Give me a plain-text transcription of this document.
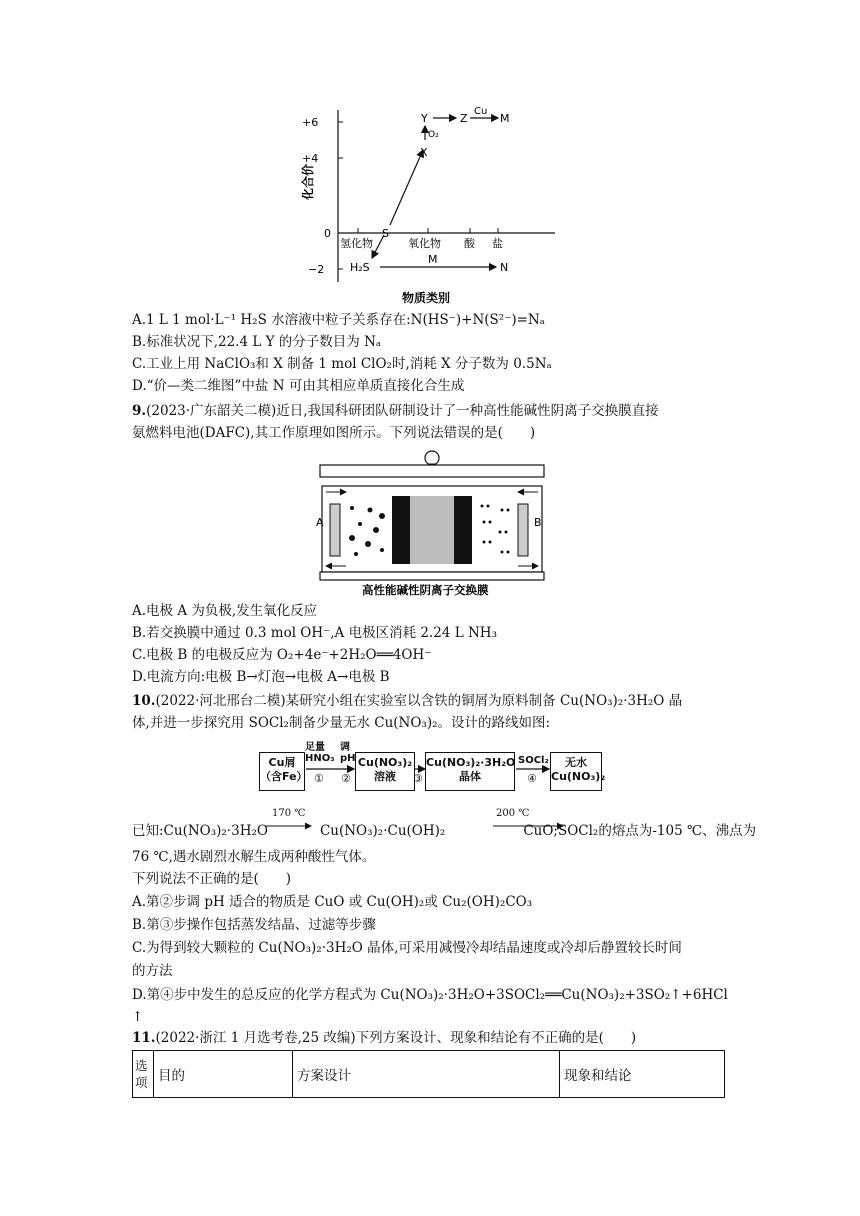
+6
+4
0
−2
化合价
氢化物	氧化物 酸 盐
Y	Z	M
X
S
H₂S	N
M
Cu
O₂
物质类别
A.1 L 1 mol·L⁻¹ H₂S 水溶液中粒子关系存在:N(HS⁻)+N(S²⁻)=Nₐ
B.标准状况下,22.4 L Y 的分子数目为 Nₐ
C.工业上用 NaClO₃和 X 制备 1 mol ClO₂时,消耗 X 分子数为 0.5Nₐ
D.“价—类二维图”中盐 N 可由其相应单质直接化合生成
9.(2023·广东韶关二模)近日,我国科研团队研制设计了一种高性能碱性阴离子交换膜直接
氨燃料电池(DAFC),其工作原理如图所示。下列说法错误的是(　　)
A	B
高性能碱性阴离子交换膜
A.电极 A 为负极,发生氧化反应
B.若交换膜中通过 0.3 mol OH⁻,A 电极区消耗 2.24 L NH₃
C.电极 B 的电极反应为 O₂+4e⁻+2H₂O══4OH⁻
D.电流方向:电极 B→灯泡→电极 A→电极 B
10.(2022·河北邢台二模)某研究小组在实验室以含铁的铜屑为原料制备 Cu(NO₃)₂·3H₂O 晶
体,并进一步探究用 SOCl₂制备少量无水 Cu(NO₃)₂。设计的路线如图:
Cu屑（含Fe）
Cu(NO₃)₂溶液
Cu(NO₃)₂·3H₂O晶体
无水Cu(NO₃)₂
足量HNO₃
①
调pH
②	③
SOCl₂
④
已知:Cu(NO₃)₂·3H₂O	Cu(NO₃)₂·Cu(OH)₂	CuO;SOCl₂的熔点为-105 ℃、沸点为
170 ℃	200 ℃
76 ℃,遇水剧烈水解生成两种酸性气体。
下列说法不正确的是(　　)
A.第②步调 pH 适合的物质是 CuO 或 Cu(OH)₂或 Cu₂(OH)₂CO₃
B.第③步操作包括蒸发结晶、过滤等步骤
C.为得到较大颗粒的 Cu(NO₃)₂·3H₂O 晶体,可采用减慢冷却结晶速度或冷却后静置较长时间
的方法
D.第④步中发生的总反应的化学方程式为 Cu(NO₃)₂·3H₂O+3SOCl₂══Cu(NO₃)₂+3SO₂↑+6HCl
↑
11.(2022·浙江 1 月选考卷,25 改编)下列方案设计、现象和结论有不正确的是(　　)
选项	目的	方案设计	现象和结论
